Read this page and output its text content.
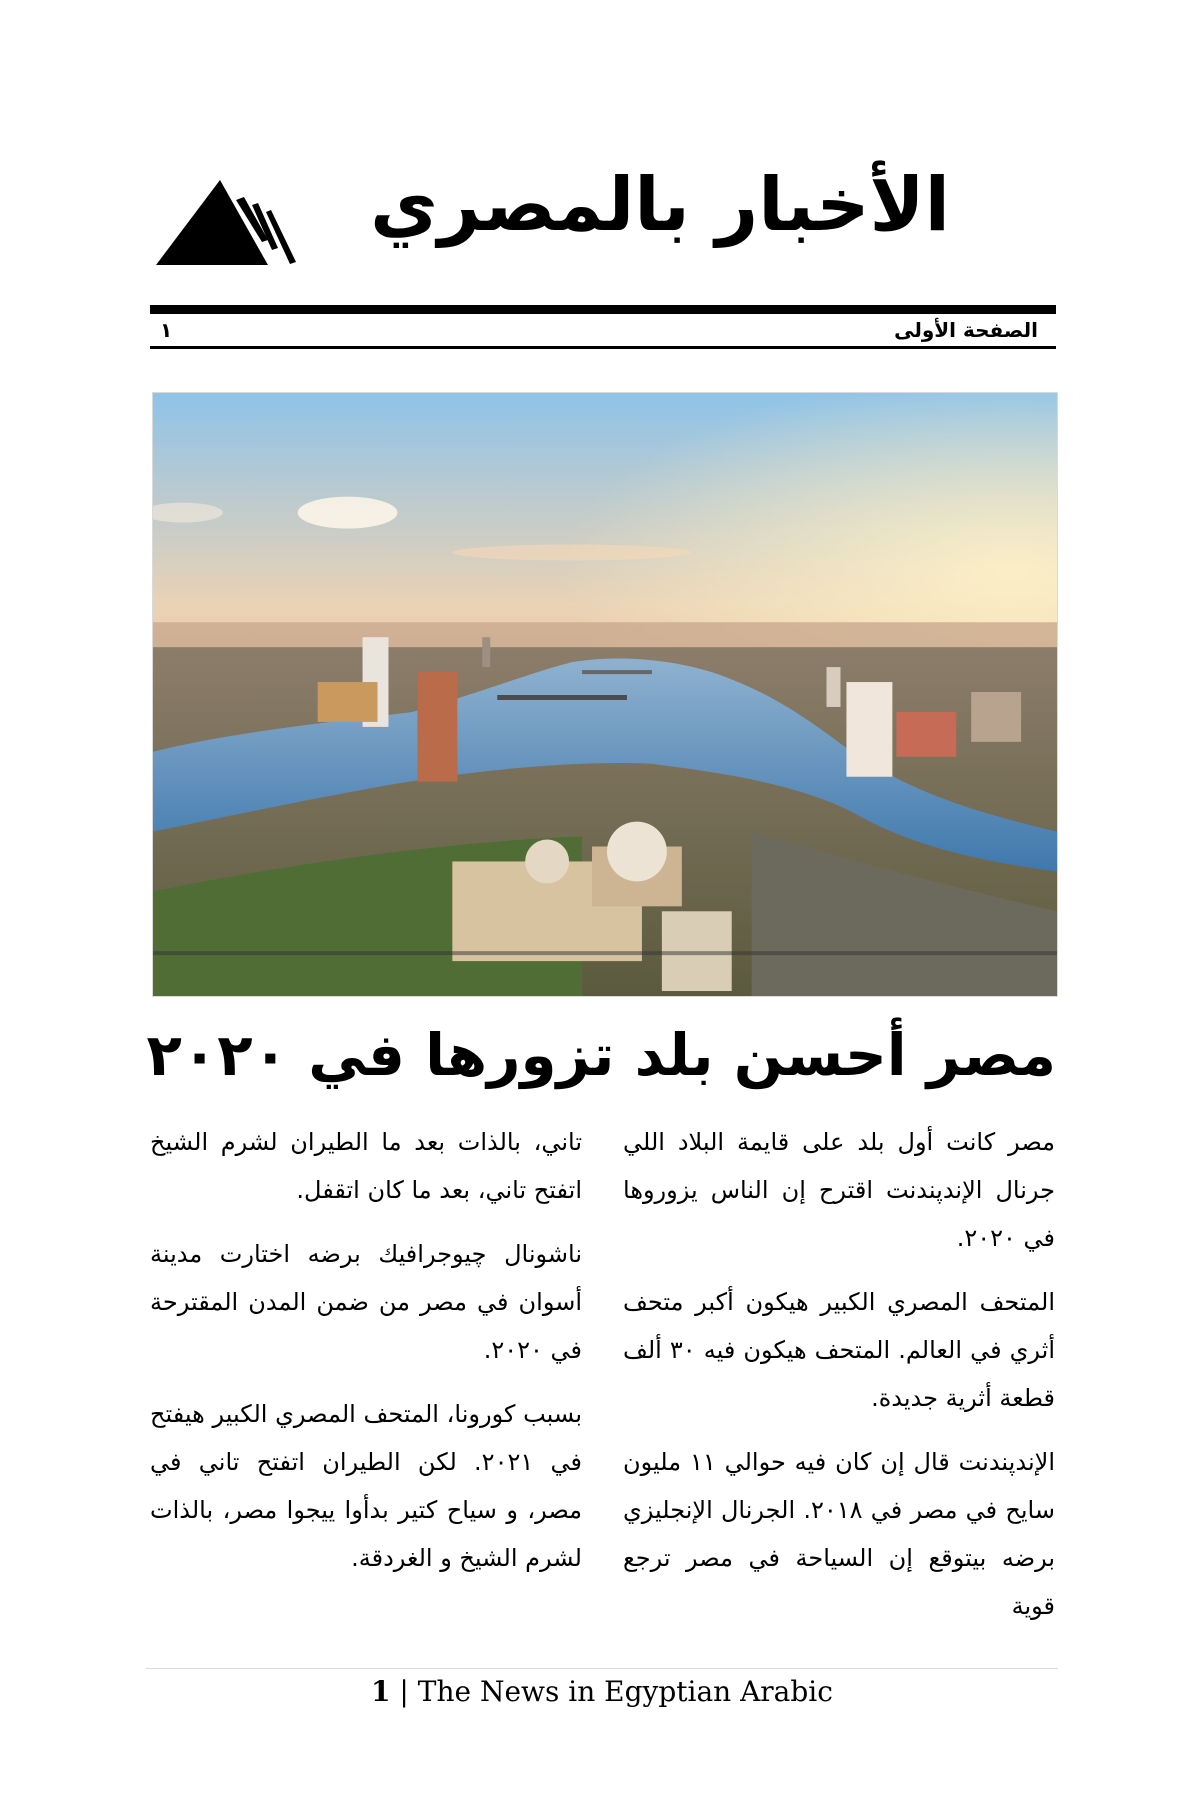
الأخبار بالمصري
الصفحة الأولى
١
مصر أحسن بلد تزورها في ٢٠٢٠

مصر كانت أول بلد على قايمة البلاد اللي جرنال الإندپندنت اقترح إن الناس يزوروها في ٢٠٢٠.

المتحف المصري الكبير هيكون أكبر متحف أثري في العالم. المتحف هيكون فيه ٣٠ ألف قطعة أثرية جديدة.

الإندپندنت قال إن كان فيه حوالي ١١ مليون سايح في مصر في ٢٠١٨. الجرنال الإنجليزي برضه بيتوقع إن السياحة في مصر ترجع قوية

تاني، بالذات بعد ما الطيران لشرم الشيخ اتفتح تاني، بعد ما كان اتقفل.

ناشونال چيوجرافيك برضه اختارت مدينة أسوان في مصر من ضمن المدن المقترحة في ٢٠٢٠.

بسبب كورونا، المتحف المصري الكبير هيفتح في ٢٠٢١. لكن الطيران اتفتح تاني في مصر، و سياح كتير بدأوا ييجوا مصر، بالذات لشرم الشيخ و الغردقة.

1 | The News in Egyptian Arabic
